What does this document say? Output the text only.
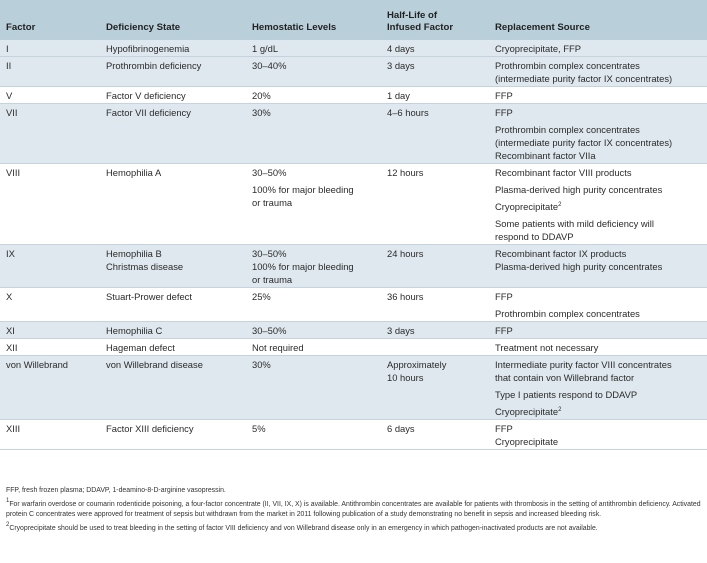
Factor	Deficiency State	Hemostatic Levels	Half-Life of
Infused Factor	Replacement Source
I	Hypofibrinogenemia	1 g/dL	4 days	Cryoprecipitate, FFP

II	Prothrombin deficiency	30–40%	3 days	Prothrombin complex concentrates
(intermediate purity factor IX concentrates)

V	Factor V deficiency	20%	1 day	FFP

VII	Factor VII deficiency	30%	4–6 hours	FFP
Prothrombin complex concentrates
(intermediate purity factor IX concentrates)
Recombinant factor VIIa

VIII	Hemophilia A	30–50%
100% for major bleeding
or trauma	12 hours	Recombinant factor VIII products
Plasma-derived high purity concentrates
Cryoprecipitate$^2$
Some patients with mild deficiency will
respond to DDAVP

IX	Hemophilia B
Christmas disease	30–50%
100% for major bleeding
or trauma	24 hours	Recombinant factor IX products
Plasma-derived high purity concentrates

X	Stuart-Prower defect	25%	36 hours	FFP
Prothrombin complex concentrates

XI	Hemophilia C	30–50%	3 days	FFP

XII	Hageman defect	Not required		Treatment not necessary

von Willebrand	von Willebrand disease	30%	Approximately
10 hours	Intermediate purity factor VIII concentrates
that contain von Willebrand factor
Type I patients respond to DDAVP
Cryoprecipitate$^2$

XIII	Factor XIII deficiency	5%	6 days	FFP
Cryoprecipitate

FFP, fresh frozen plasma; DDAVP, 1-deamino-8-D-arginine vasopressin.

$^1$For warfarin overdose or coumarin rodenticide poisoning, a four-factor concentrate (II, VII, IX, X) is available. Antithrombin concentrates are available for patients with thrombosis in the setting of antithrombin deficiency. Activated protein C concentrates were approved for treatment of sepsis but withdrawn from the market in 2011 following publication of a study demonstrating no benefit in sepsis and increased bleeding risk.

$^2$Cryoprecipitate should be used to treat bleeding in the setting of factor VIII deficiency and von Willebrand disease only in an emergency in which pathogen-inactivated products are not available.
